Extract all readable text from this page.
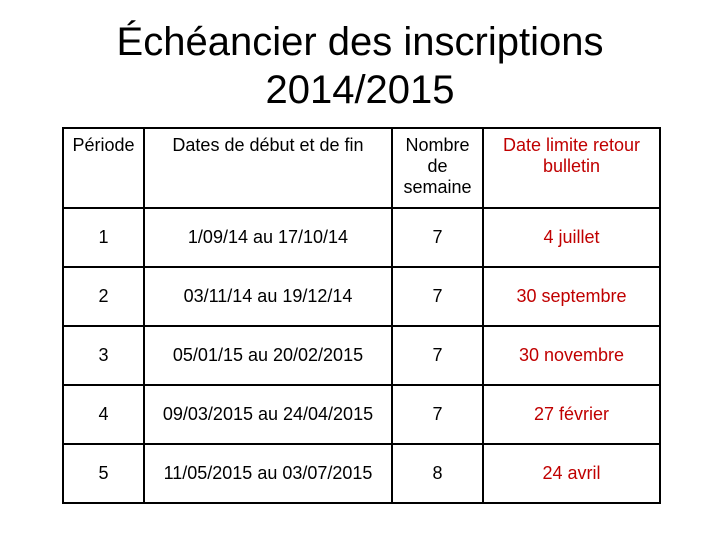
Échéancier des inscriptions
2014/2015
Période	Dates de début et de fin	Nombre de semaine	Date limite retour bulletin
1	1/09/14 au 17/10/14	7	4 juillet
2	03/11/14 au 19/12/14	7	30 septembre
3	05/01/15 au 20/02/2015	7	30 novembre
4	09/03/2015 au 24/04/2015	7	27 février
5	11/05/2015 au 03/07/2015	8	24 avril
